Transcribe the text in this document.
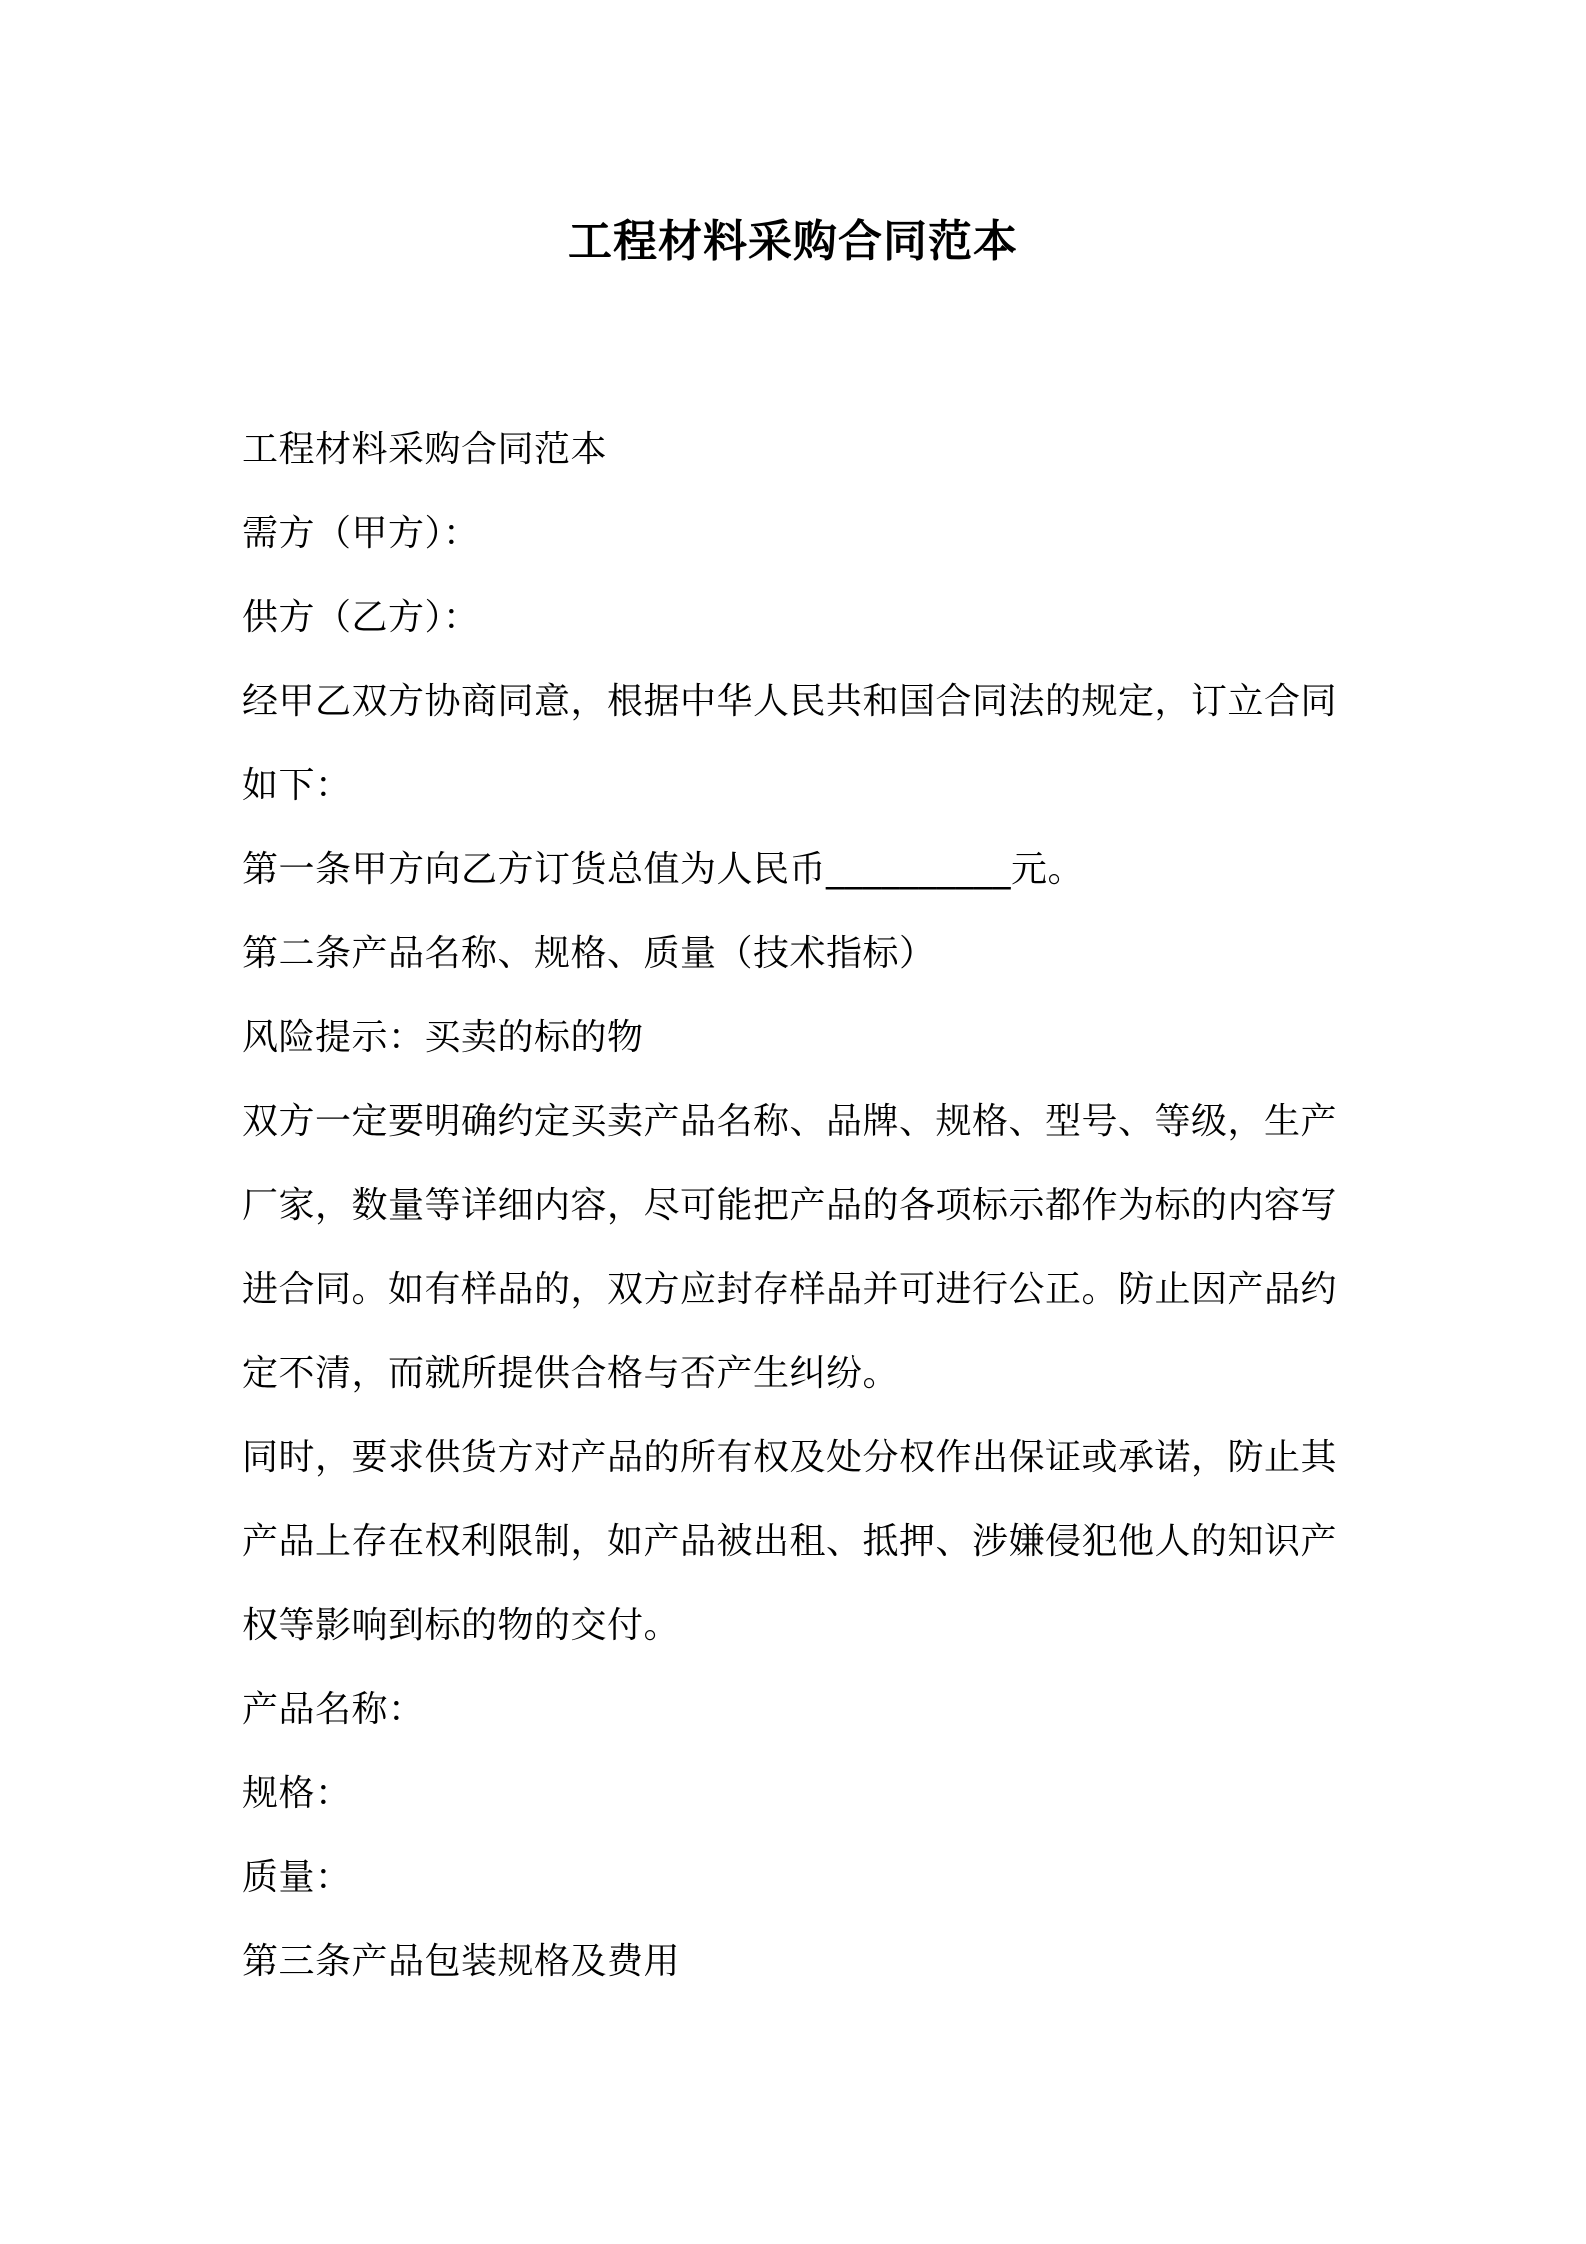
工程材料采购合同范本
工程材料采购合同范本
需方（甲方）：
供方（乙方）：
经甲乙双方协商同意，根据中华人民共和国合同法的规定，订立合同
如下：
第一条甲方向乙方订货总值为人民币__________元。
第二条产品名称、规格、质量（技术指标）
风险提示：买卖的标的物
双方一定要明确约定买卖产品名称、品牌、规格、型号、等级，生产
厂家，数量等详细内容，尽可能把产品的各项标示都作为标的内容写
进合同。如有样品的，双方应封存样品并可进行公正。防止因产品约
定不清，而就所提供合格与否产生纠纷。
同时，要求供货方对产品的所有权及处分权作出保证或承诺，防止其
产品上存在权利限制，如产品被出租、抵押、涉嫌侵犯他人的知识产
权等影响到标的物的交付。
产品名称：
规格：
质量：
第三条产品包装规格及费用
